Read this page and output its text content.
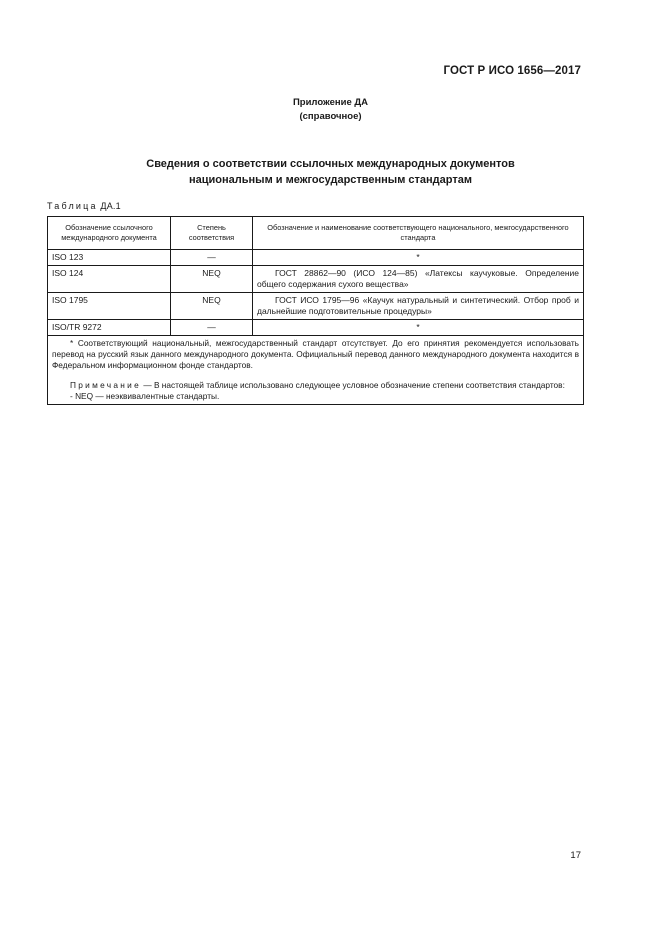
ГОСТ Р ИСО 1656—2017
Приложение ДА
(справочное)
Сведения о соответствии ссылочных международных документов
национальным и межгосударственным стандартам
Таблица ДА.1
Обозначение ссылочного международного документа	Степень соответствия	Обозначение и наименование соответствующего национального, межгосударственного стандарта
ISO 123	—	*
ISO 124	NEQ	ГОСТ 28862—90 (ИСО 124—85) «Латексы каучуковые. Определение общего содержания сухого вещества»
ISO 1795	NEQ	ГОСТ ИСО 1795—96 «Каучук натуральный и синтетический. Отбор проб и дальнейшие подготовительные процедуры»
ISO/TR 9272	—	*

* Соответствующий национальный, межгосударственный стандарт отсутствует. До его принятия рекомендуется использовать перевод на русский язык данного международного документа. Официальный перевод данного международного документа находится в Федеральном информационном фонде стандартов.

Примечание — В настоящей таблице использовано следующее условное обозначение степени соответствия стандартов:

- NEQ — неэквивалентные стандарты.		

17
